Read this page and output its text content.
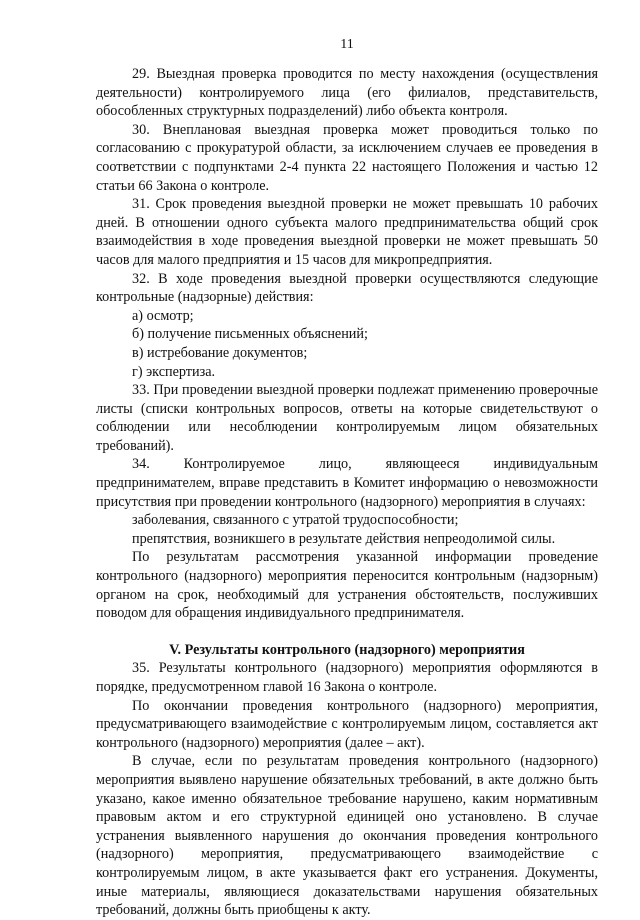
11

29. Выездная проверка проводится по месту нахождения (осуществления деятельности) контролируемого лица (его филиалов, представительств, обособленных структурных подразделений) либо объекта контроля.

30. Внеплановая выездная проверка может проводиться только по согласованию с прокуратурой области, за исключением случаев ее проведения в соответствии с подпунктами 2-4 пункта 22 настоящего Положения и частью 12 статьи 66 Закона о контроле.

31. Срок проведения выездной проверки не может превышать 10 рабочих дней. В отношении одного субъекта малого предпринимательства общий срок взаимодействия в ходе проведения выездной проверки не может превышать 50 часов для малого предприятия и 15 часов для микропредприятия.

32. В ходе проведения выездной проверки осуществляются следующие контрольные (надзорные) действия:

а) осмотр;

б) получение письменных объяснений;

в) истребование документов;

г) экспертиза.

33. При проведении выездной проверки подлежат применению проверочные листы (списки контрольных вопросов, ответы на которые свидетельствуют о соблюдении или несоблюдении контролируемым лицом обязательных требований).

34. Контролируемое лицо, являющееся индивидуальным предпринимателем, вправе представить в Комитет информацию о невозможности присутствия при проведении контрольного (надзорного) мероприятия в случаях:

заболевания, связанного с утратой трудоспособности;

препятствия, возникшего в результате действия непреодолимой силы.

По результатам рассмотрения указанной информации проведение контрольного (надзорного) мероприятия переносится контрольным (надзорным) органом на срок, необходимый для устранения обстоятельств, послуживших поводом для обращения индивидуального предпринимателя.

V. Результаты контрольного (надзорного) мероприятия

35. Результаты контрольного (надзорного) мероприятия оформляются в порядке, предусмотренном главой 16 Закона о контроле.

По окончании проведения контрольного (надзорного) мероприятия, предусматривающего взаимодействие с контролируемым лицом, составляется акт контрольного (надзорного) мероприятия (далее – акт).

В случае, если по результатам проведения контрольного (надзорного) мероприятия выявлено нарушение обязательных требований, в акте должно быть указано, какое именно обязательное требование нарушено, каким нормативным правовым актом и его структурной единицей оно установлено. В случае устранения выявленного нарушения до окончания проведения контрольного (надзорного) мероприятия, предусматривающего взаимодействие с контролируемым лицом, в акте указывается факт его устранения. Документы, иные материалы, являющиеся доказательствами нарушения обязательных требований, должны быть приобщены к акту.
